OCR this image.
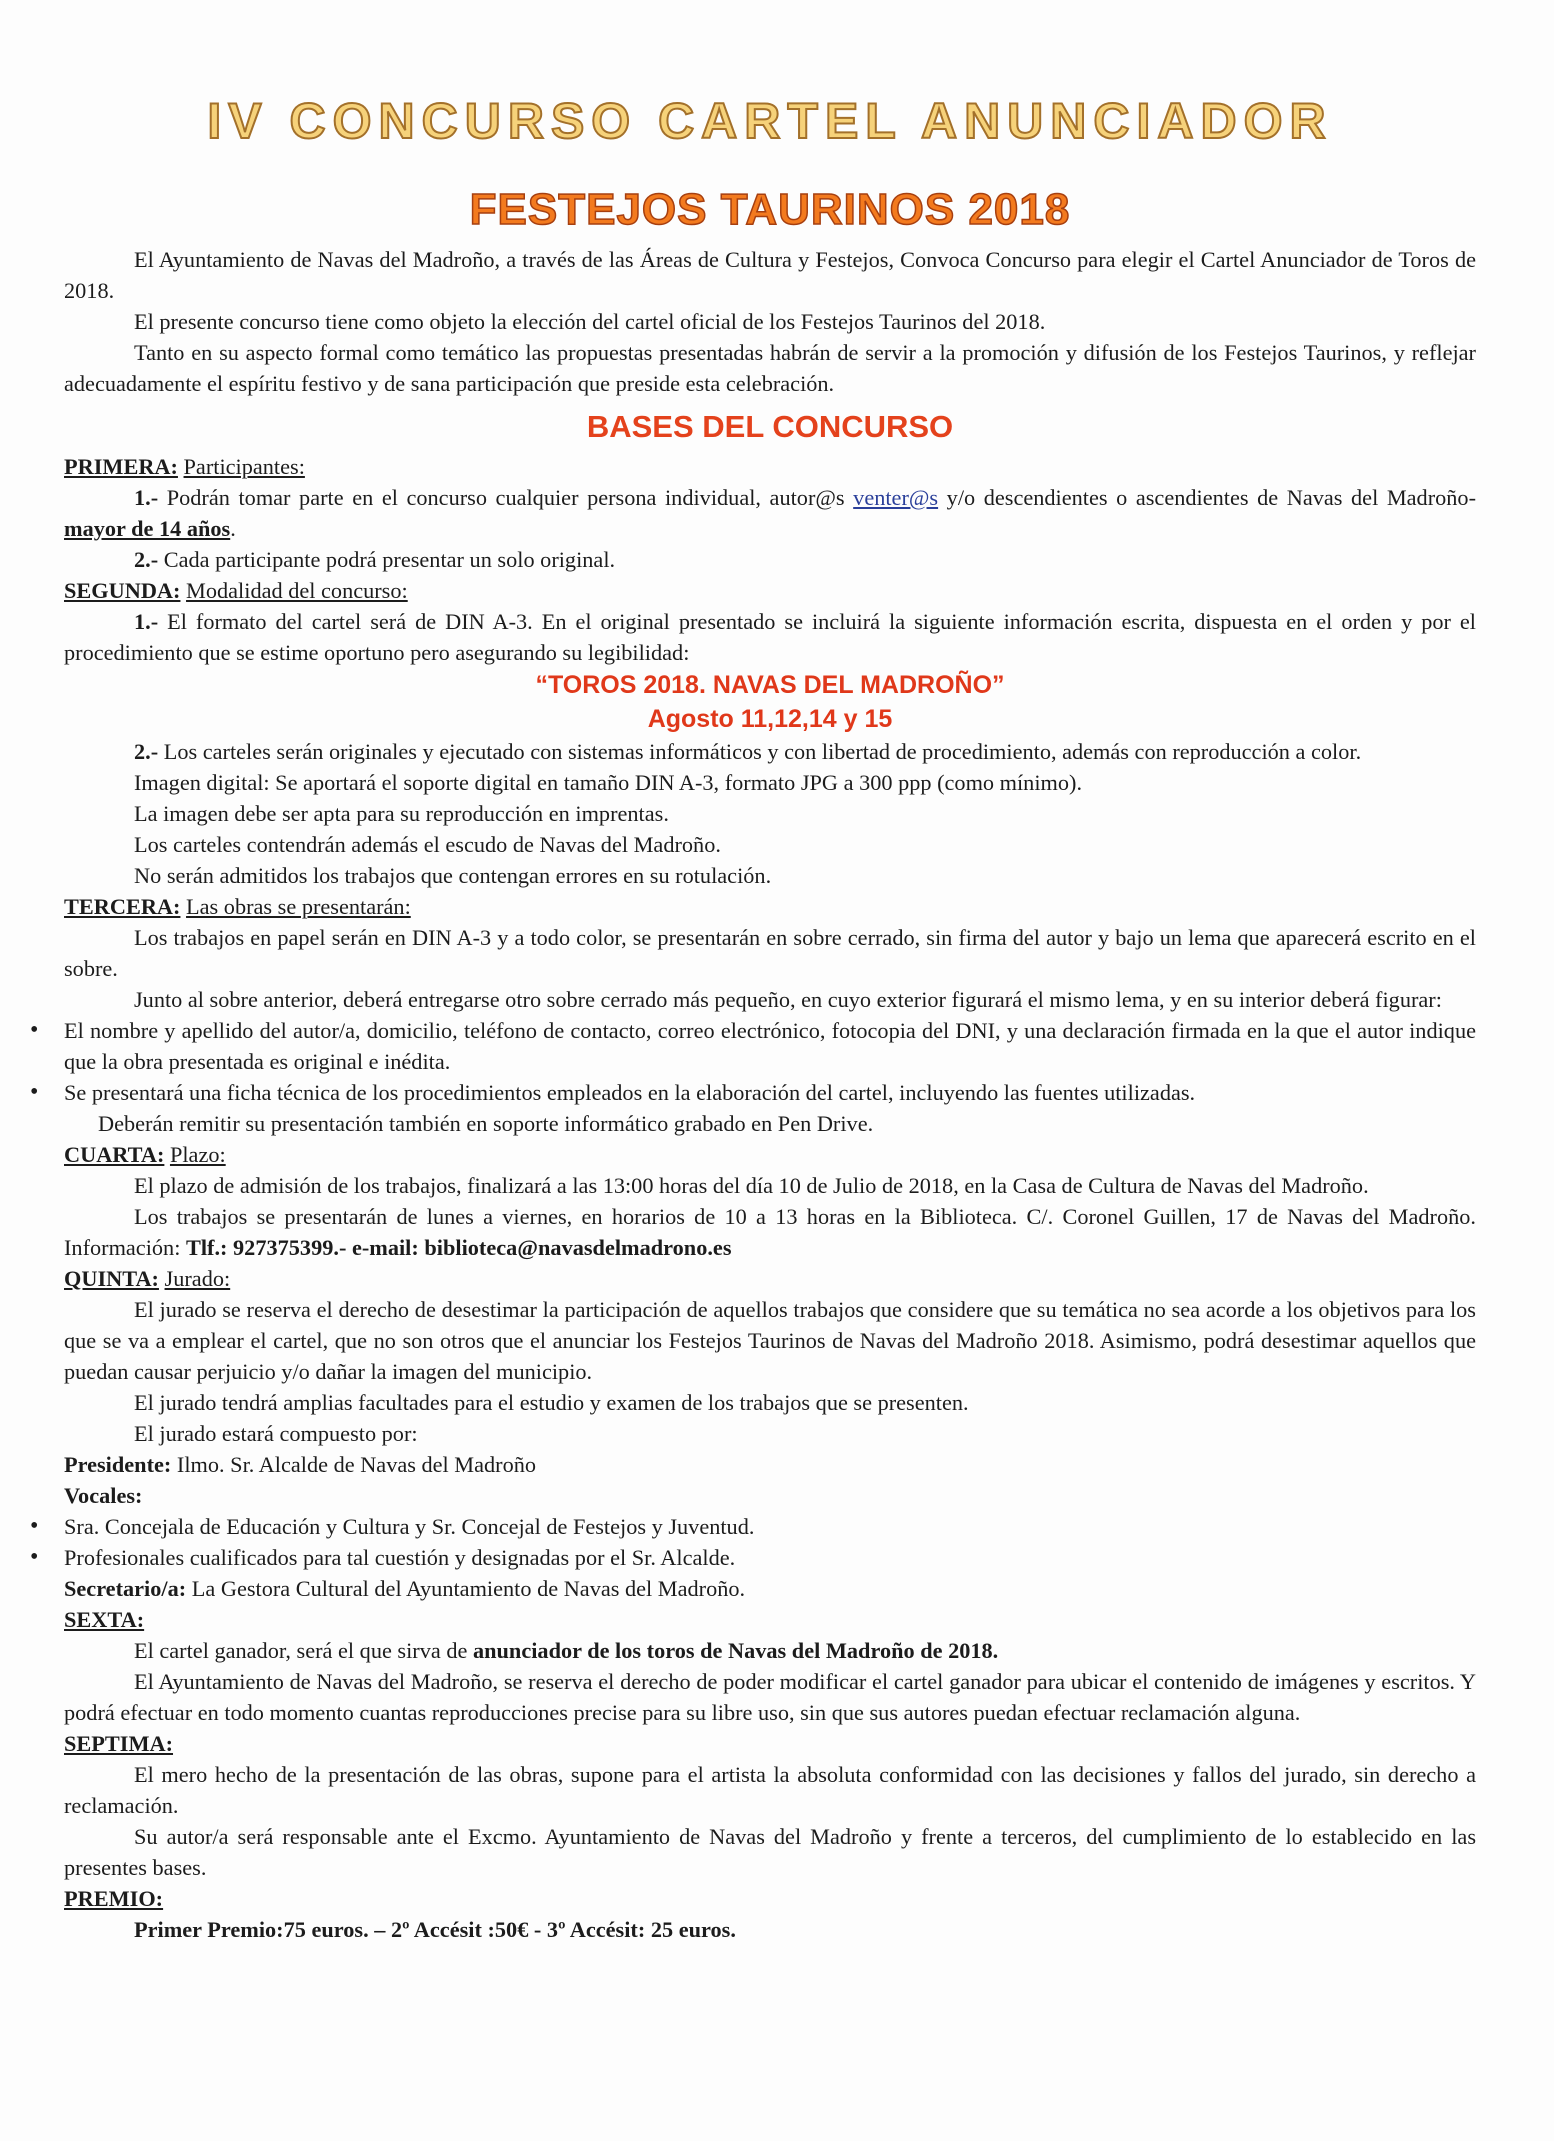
IV CONCURSO CARTEL ANUNCIADOR
FESTEJOS TAURINOS 2018

El Ayuntamiento de Navas del Madroño, a través de las Áreas de Cultura y Festejos, Convoca Concurso para elegir el Cartel Anunciador de Toros de 2018.

El presente concurso tiene como objeto la elección del cartel oficial de los Festejos Taurinos del 2018.

Tanto en su aspecto formal como temático las propuestas presentadas habrán de servir a la promoción y difusión de los Festejos Taurinos, y reflejar adecuadamente el espíritu festivo y de sana participación que preside esta celebración.

BASES DEL CONCURSO
PRIMERA: Participantes:

1.- Podrán tomar parte en el concurso cualquier persona individual, autor@s venter@s y/o descendientes o ascendientes de Navas del Madroño- mayor de 14 años.

2.- Cada participante podrá presentar un solo original.

SEGUNDA: Modalidad del concurso:

1.- El formato del cartel será de DIN A-3. En el original presentado se incluirá la siguiente información escrita, dispuesta en el orden y por el procedimiento que se estime oportuno pero asegurando su legibilidad:

“TOROS 2018. NAVAS DEL MADROÑO”
Agosto 11,12,14 y 15

2.- Los carteles serán originales y ejecutado con sistemas informáticos y con libertad de procedimiento, además con reproducción a color.

Imagen digital: Se aportará el soporte digital en tamaño DIN A-3, formato JPG a 300 ppp (como mínimo).

La imagen debe ser apta para su reproducción en imprentas.

Los carteles contendrán además el escudo de Navas del Madroño.

No serán admitidos los trabajos que contengan errores en su rotulación.

TERCERA: Las obras se presentarán:

Los trabajos en papel serán en DIN A-3 y a todo color, se presentarán en sobre cerrado, sin firma del autor y bajo un lema que aparecerá escrito en el sobre.

Junto al sobre anterior, deberá entregarse otro sobre cerrado más pequeño, en cuyo exterior figurará el mismo lema, y en su interior deberá figurar:

• El nombre y apellido del autor/a, domicilio, teléfono de contacto, correo electrónico, fotocopia del DNI, y una declaración firmada en la que el autor indique que la obra presentada es original e inédita.
• Se presentará una ficha técnica de los procedimientos empleados en la elaboración del cartel, incluyendo las fuentes utilizadas.

Deberán remitir su presentación también en soporte informático grabado en Pen Drive.

CUARTA: Plazo:

El plazo de admisión de los trabajos, finalizará a las 13:00 horas del día 10 de Julio de 2018, en la Casa de Cultura de Navas del Madroño.

Los trabajos se presentarán de lunes a viernes, en horarios de 10 a 13 horas en la Biblioteca. C/. Coronel Guillen, 17 de Navas del Madroño. Información: Tlf.: 927375399.- e-mail: biblioteca@navasdelmadrono.es

QUINTA: Jurado:

El jurado se reserva el derecho de desestimar la participación de aquellos trabajos que considere que su temática no sea acorde a los objetivos para los que se va a emplear el cartel, que no son otros que el anunciar los Festejos Taurinos de Navas del Madroño 2018. Asimismo, podrá desestimar aquellos que puedan causar perjuicio y/o dañar la imagen del municipio.

El jurado tendrá amplias facultades para el estudio y examen de los trabajos que se presenten.

El jurado estará compuesto por:

Presidente: Ilmo. Sr. Alcalde de Navas del Madroño

Vocales:

• Sra. Concejala de Educación y Cultura y Sr. Concejal de Festejos y Juventud.
• Profesionales cualificados para tal cuestión y designadas por el Sr. Alcalde.

Secretario/a: La Gestora Cultural del Ayuntamiento de Navas del Madroño.

SEXTA:

El cartel ganador, será el que sirva de anunciador de los toros de Navas del Madroño de 2018.

El Ayuntamiento de Navas del Madroño, se reserva el derecho de poder modificar el cartel ganador para ubicar el contenido de imágenes y escritos. Y podrá efectuar en todo momento cuantas reproducciones precise para su libre uso, sin que sus autores puedan efectuar reclamación alguna.

SEPTIMA:

El mero hecho de la presentación de las obras, supone para el artista la absoluta conformidad con las decisiones y fallos del jurado, sin derecho a reclamación.

Su autor/a será responsable ante el Excmo. Ayuntamiento de Navas del Madroño y frente a terceros, del cumplimiento de lo establecido en las presentes bases.

PREMIO:

Primer Premio:75 euros. – 2º Accésit :50€ - 3º Accésit: 25 euros.
